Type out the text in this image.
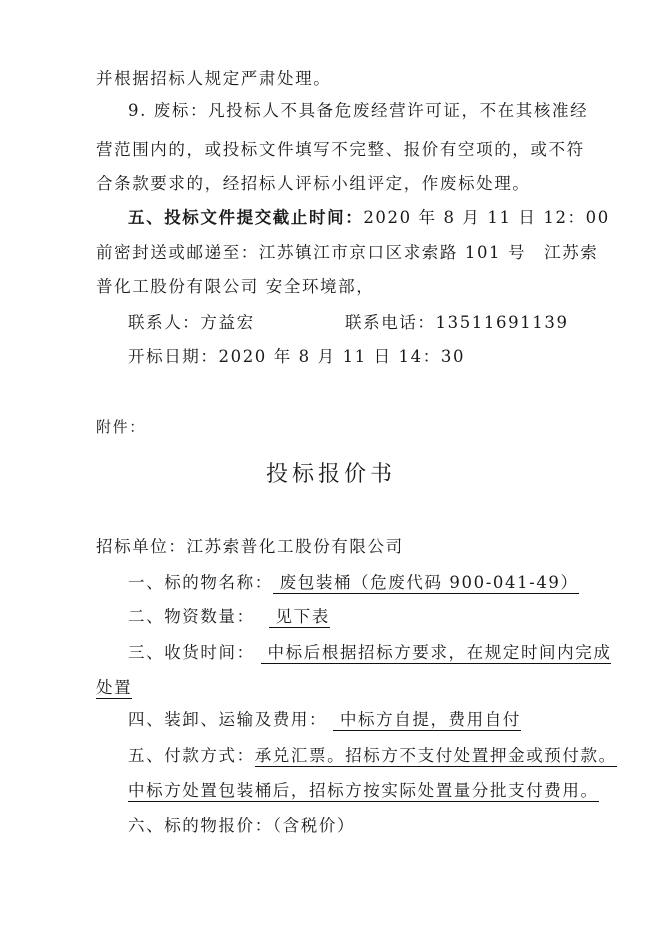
并根据招标人规定严肃处理。
9. 废标：凡投标人不具备危废经营许可证，不在其核准经
营范围内的，或投标文件填写不完整、报价有空项的，或不符
合条款要求的，经招标人评标小组评定，作废标处理。
五、投标文件提交截止时间：2020 年 8 月 11 日 12：00
前密封送或邮递至：江苏镇江市京口区求索路 101 号　江苏索
普化工股份有限公司 安全环境部，
联系人：方益宏	联系电话：13511691139
开标日期：2020 年 8 月 11 日 14：30
附件：
投标报价书
招标单位：江苏索普化工股份有限公司
一、标的物名称： 废包装桶（危废代码 900-041-49）
二、物资数量： 见下表
三、收货时间： 中标后根据招标方要求，在规定时间内完成
处置
四、装卸、运输及费用： 中标方自提，费用自付
五、付款方式：承兑汇票。招标方不支付处置押金或预付款。
中标方处置包装桶后，招标方按实际处置量分批支付费用。
六、标的物报价：（含税价）
